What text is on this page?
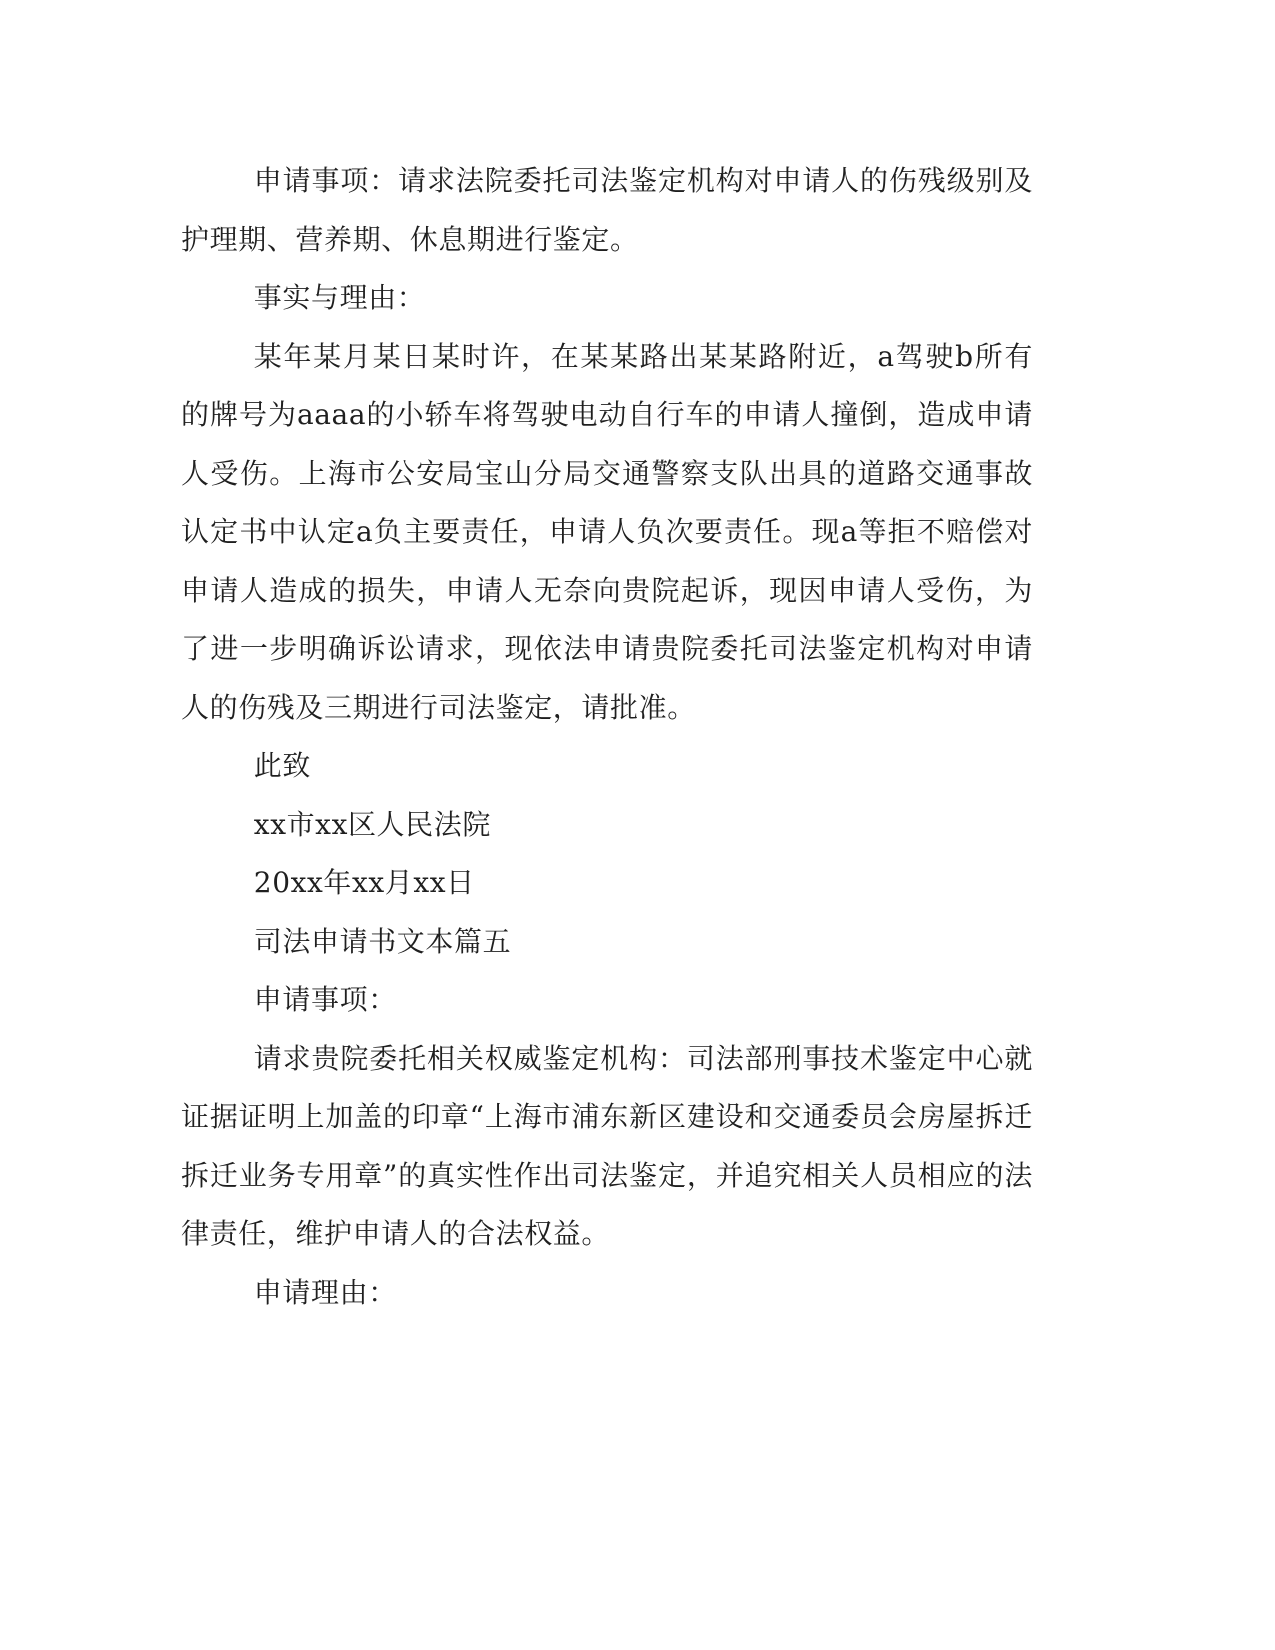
申请事项：请求法院委托司法鉴定机构对申请人的伤残级别及护理期、营养期、休息期进行鉴定。

事实与理由：

某年某月某日某时许，在某某路出某某路附近，a驾驶b所有的牌号为aaaa的小轿车将驾驶电动自行车的申请人撞倒，造成申请人受伤。上海市公安局宝山分局交通警察支队出具的道路交通事故认定书中认定a负主要责任，申请人负次要责任。现a等拒不赔偿对申请人造成的损失，申请人无奈向贵院起诉，现因申请人受伤，为了进一步明确诉讼请求，现依法申请贵院委托司法鉴定机构对申请人的伤残及三期进行司法鉴定，请批准。

此致

xx市xx区人民法院

20xx年xx月xx日

司法申请书文本篇五

申请事项：

请求贵院委托相关权威鉴定机构：司法部刑事技术鉴定中心就证据证明上加盖的印章“上海市浦东新区建设和交通委员会房屋拆迁拆迁业务专用章”的真实性作出司法鉴定，并追究相关人员相应的法律责任，维护申请人的合法权益。

申请理由：
